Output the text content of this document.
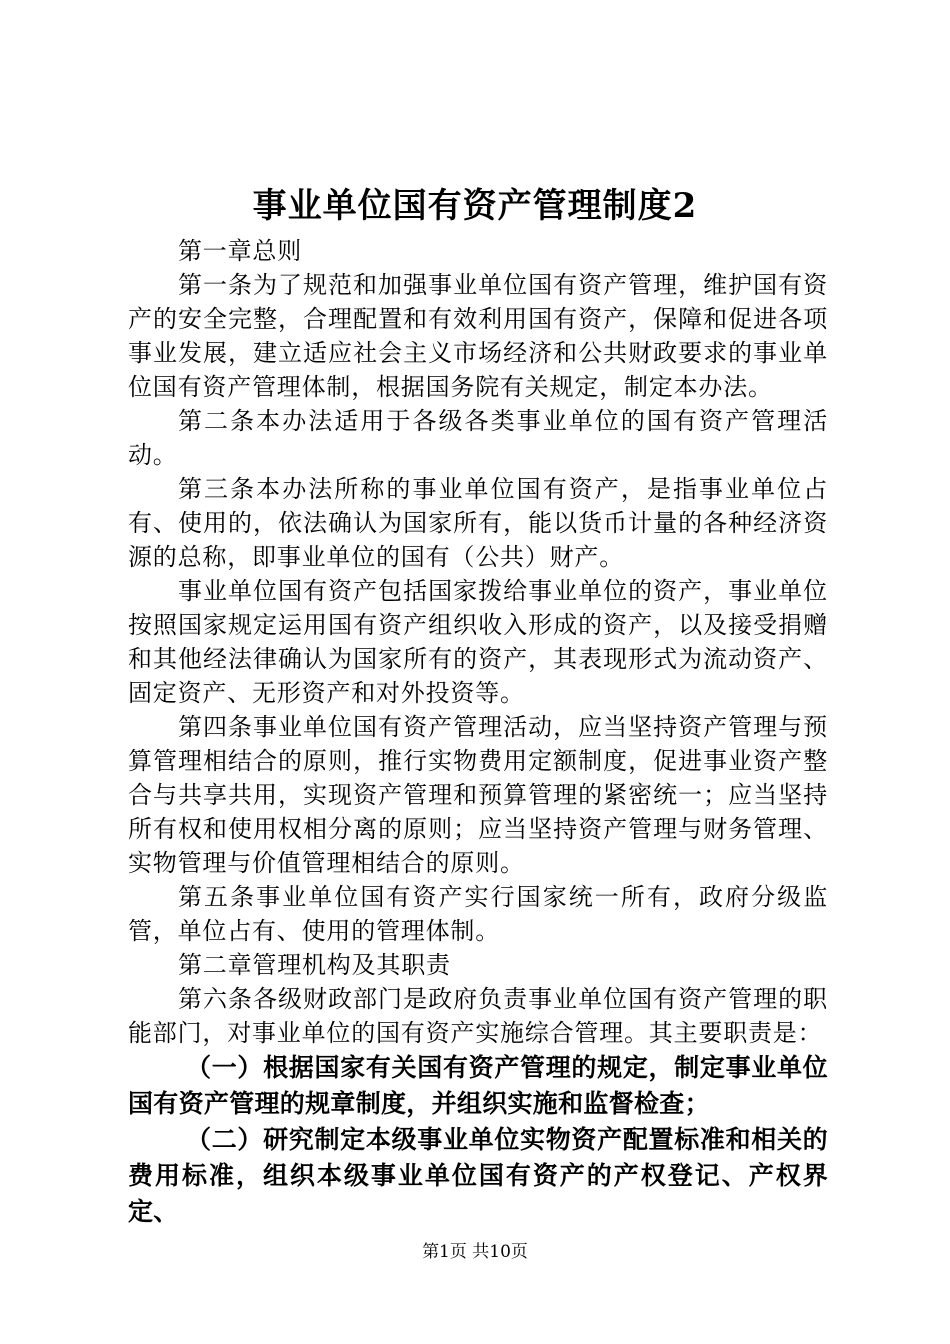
事业单位国有资产管理制度2

第一章总则

第一条为了规范和加强事业单位国有资产管理，维护国有资产的安全完整，合理配置和有效利用国有资产，保障和促进各项事业发展，建立适应社会主义市场经济和公共财政要求的事业单位国有资产管理体制，根据国务院有关规定，制定本办法。

第二条本办法适用于各级各类事业单位的国有资产管理活动。

第三条本办法所称的事业单位国有资产，是指事业单位占有、使用的，依法确认为国家所有，能以货币计量的各种经济资源的总称，即事业单位的国有（公共）财产。

事业单位国有资产包括国家拨给事业单位的资产，事业单位按照国家规定运用国有资产组织收入形成的资产，以及接受捐赠和其他经法律确认为国家所有的资产，其表现形式为流动资产、固定资产、无形资产和对外投资等。

第四条事业单位国有资产管理活动，应当坚持资产管理与预算管理相结合的原则，推行实物费用定额制度，促进事业资产整合与共享共用，实现资产管理和预算管理的紧密统一；应当坚持所有权和使用权相分离的原则；应当坚持资产管理与财务管理、实物管理与价值管理相结合的原则。

第五条事业单位国有资产实行国家统一所有，政府分级监管，单位占有、使用的管理体制。

第二章管理机构及其职责

第六条各级财政部门是政府负责事业单位国有资产管理的职能部门，对事业单位的国有资产实施综合管理。其主要职责是：

（一）根据国家有关国有资产管理的规定，制定事业单位国有资产管理的规章制度，并组织实施和监督检查；

（二）研究制定本级事业单位实物资产配置标准和相关的费用标准，组织本级事业单位国有资产的产权登记、产权界定、

第1页 共10页
